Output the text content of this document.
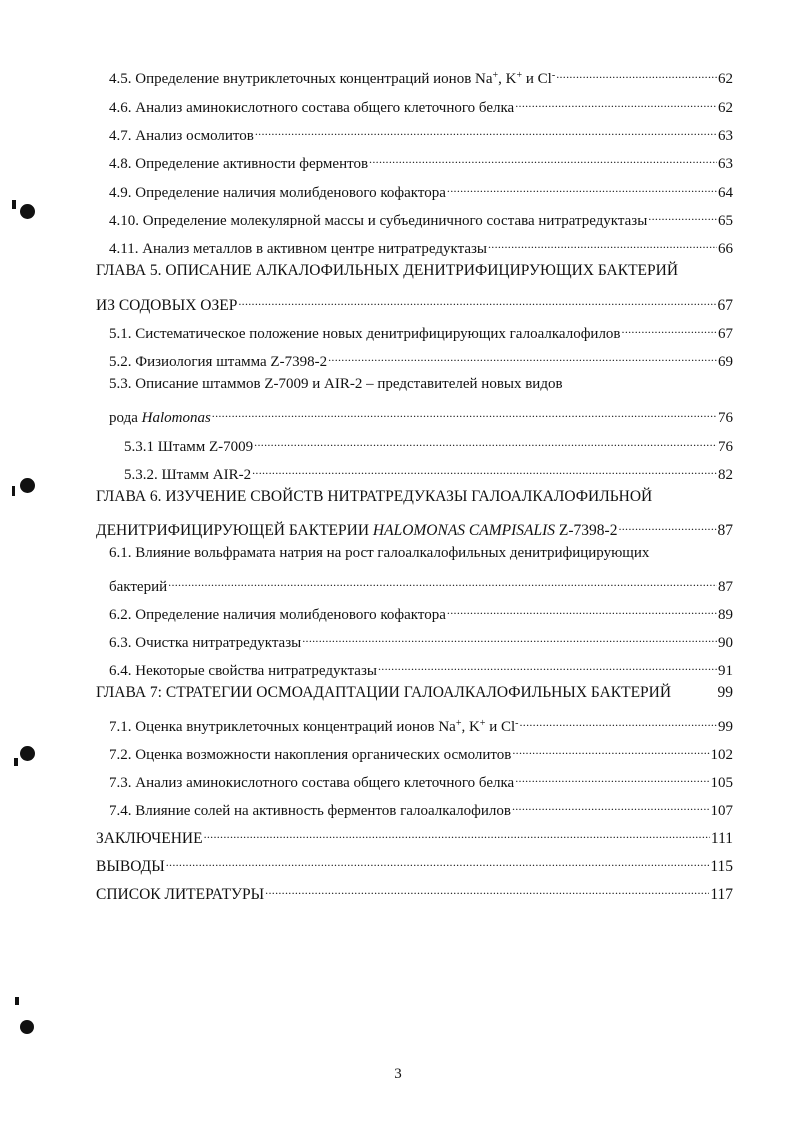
4.5. Определение внутриклеточных концентраций ионов Na+, K+ и Cl- .....	62
4.6. Анализ аминокислотного состава общего клеточного белка .....	62
4.7. Анализ осмолитов .....	63
4.8. Определение активности ферментов .....	63
4.9. Определение наличия молибденового кофактора .....	64
4.10. Определение молекулярной массы и субъединичного состава нитратредуктазы .....	65
4.11. Анализ металлов в активном центре нитратредуктазы .....	66
ГЛАВА 5. ОПИСАНИЕ АЛКАЛОФИЛЬНЫХ ДЕНИТРИФИЦИРУЮЩИХ БАКТЕРИЙ
ИЗ СОДОВЫХ ОЗЕР .....	67
5.1. Систематическое положение новых денитрифицирующих галоалкалофилов .....	67
5.2. Физиология штамма Z-7398-2 .....	69
5.3. Описание штаммов Z-7009 и AIR-2 – представителей новых видов
рода Halomonas .....	76
5.3.1 Штамм Z-7009 .....	76
5.3.2. Штамм AIR-2 .....	82
ГЛАВА 6. ИЗУЧЕНИЕ СВОЙСТВ НИТРАТРЕДУКАЗЫ ГАЛОАЛКАЛОФИЛЬНОЙ
ДЕНИТРИФИЦИРУЮЩЕЙ БАКТЕРИИ HALOMONAS CAMPISALIS Z-7398-2 .....	87
6.1. Влияние вольфрамата натрия на рост галоалкалофильных денитрифицирующих
бактерий .....	87
6.2. Определение наличия молибденового кофактора .....	89
6.3. Очистка нитратредуктазы .....	90
6.4. Некоторые свойства нитратредуктазы .....	91
ГЛАВА 7: СТРАТЕГИИ ОСМОАДАПТАЦИИ ГАЛОАЛКАЛОФИЛЬНЫХ БАКТЕРИЙ	99
7.1. Оценка внутриклеточных концентраций ионов Na+, K+ и Cl- .....	99
7.2. Оценка возможности накопления органических осмолитов .....	102
7.3. Анализ аминокислотного состава общего клеточного белка .....	105
7.4. Влияние солей на активность ферментов галоалкалофилов .....	107
ЗАКЛЮЧЕНИЕ .....	111
ВЫВОДЫ .....	115
СПИСОК ЛИТЕРАТУРЫ .....	117
3
